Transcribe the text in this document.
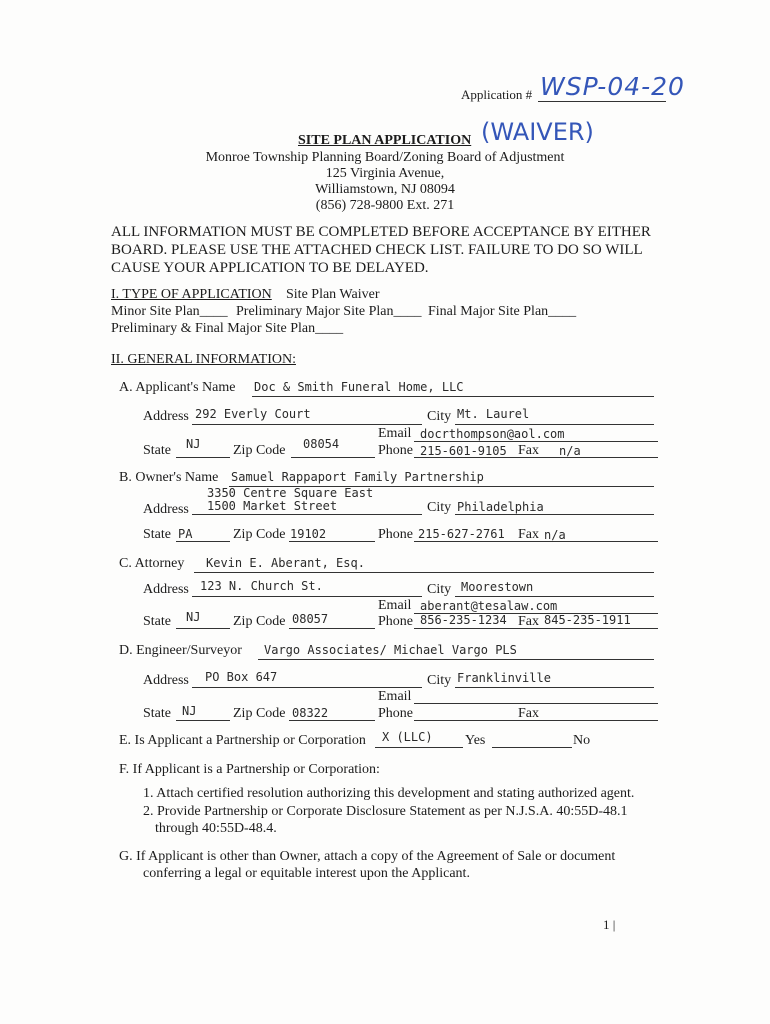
Application # WSP-04-20
SITE PLAN APPLICATION (WAIVER)
Monroe Township Planning Board/Zoning Board of Adjustment
125 Virginia Avenue,
Williamstown, NJ 08094
(856) 728-9800 Ext. 271
ALL INFORMATION MUST BE COMPLETED BEFORE ACCEPTANCE BY EITHER
BOARD. PLEASE USE THE ATTACHED CHECK LIST. FAILURE TO DO SO WILL
CAUSE YOUR APPLICATION TO BE DELAYED.
I. TYPE OF APPLICATION Site Plan Waiver
Minor Site Plan____ Preliminary Major Site Plan____ Final Major Site Plan____
Preliminary & Final Major Site Plan____
II. GENERAL INFORMATION:
A. Applicant's Name Doc & Smith Funeral Home, LLC
Address 292 Everly Court	City Mt. Laurel
Email docrthompson@aol.com
State NJ Zip Code 08054	Phone 215-601-9105 Fax n/a
B. Owner's Name Samuel Rappaport Family Partnership
3350 Centre Square East
Address 1500 Market Street	City Philadelphia
State PA	Zip Code 19102	Phone 215-627-2761 Fax n/a
C. Attorney Kevin E. Aberant, Esq.
Address 123 N. Church St.	City Moorestown
Email aberant@tesalaw.com
State NJ Zip Code 08057	Phone 856-235-1234 Fax 845-235-1911
D. Engineer/Surveyor Vargo Associates/ Michael Vargo PLS
Address PO Box 647	City Franklinville
Email
State NJ	Zip Code 08322	Phone	Fax
E. Is Applicant a Partnership or Corporation X (LLC) Yes	No
F. If Applicant is a Partnership or Corporation:
1. Attach certified resolution authorizing this development and stating authorized agent.
2. Provide Partnership or Corporate Disclosure Statement as per N.J.S.A. 40:55D-48.1
through 40:55D-48.4.
G. If Applicant is other than Owner, attach a copy of the Agreement of Sale or document
conferring a legal or equitable interest upon the Applicant.
1 |
